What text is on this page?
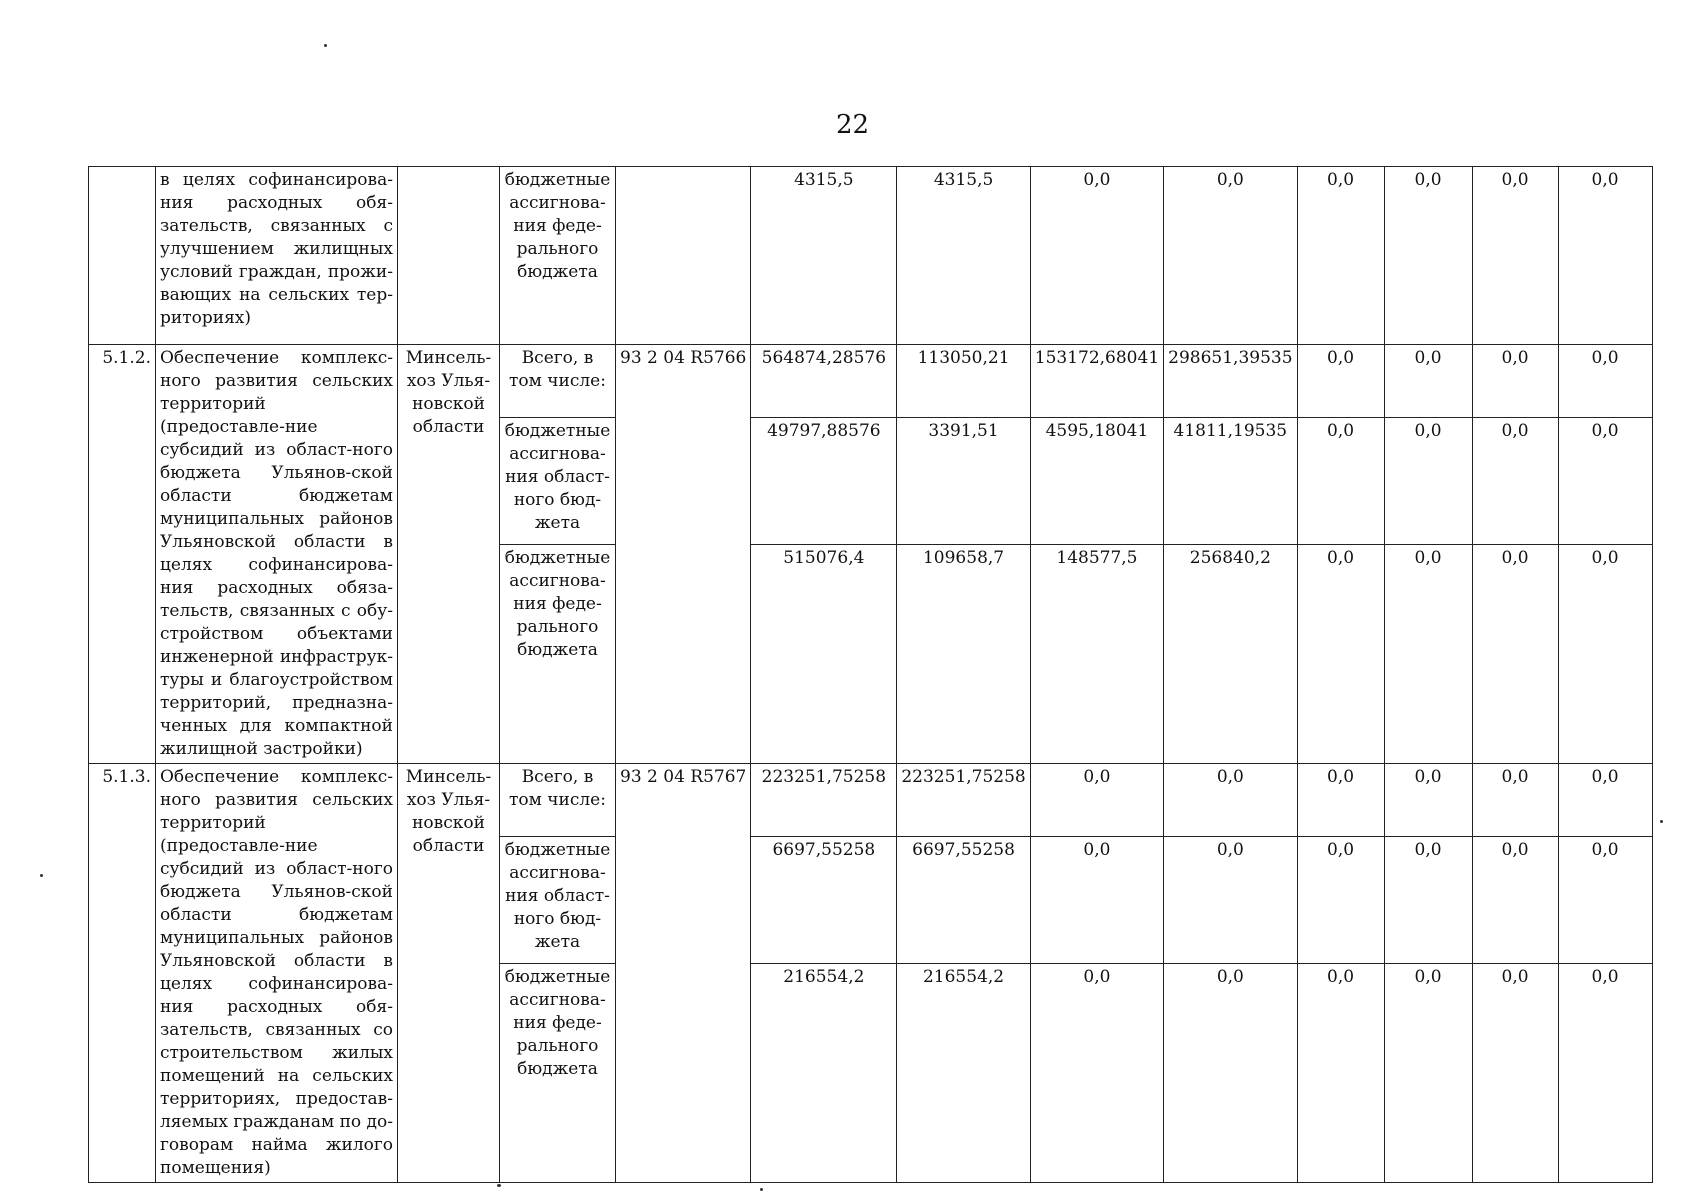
22
	в целях софинансирова-ния расходных обя-зательств, связанных с улучшением жилищных условий граждан, прожи-вающих на сельских тер-риториях)		бюджетные ассигнова-ния феде-рального бюджета		4315,5	4315,5	0,0	0,0	0,0	0,0	0,0	0,0
5.1.2.	Обеспечение комплекс-ного развития сельских территорий (предоставле-ние субсидий из област-ного бюджета Ульянов-ской области бюджетам муниципальных районов Ульяновской области в целях софинансирова-ния расходных обяза-тельств, связанных с обу-стройством объектами инженерной инфраструк-туры и благоустройством территорий, предназна-ченных для компактной жилищной застройки)	Минсель-хоз Улья-новской области	Всего, в том числе:	93 2 04 R5766	564874,28576	113050,21	153172,68041	298651,39535	0,0	0,0	0,0	0,0
			бюджетные ассигнова-ния област-ного бюд-жета		49797,88576	3391,51	4595,18041	41811,19535	0,0	0,0	0,0	0,0
			бюджетные ассигнова-ния феде-рального бюджета		515076,4	109658,7	148577,5	256840,2	0,0	0,0	0,0	0,0
5.1.3.	Обеспечение комплекс-ного развития сельских территорий (предоставле-ние субсидий из област-ного бюджета Ульянов-ской области бюджетам муниципальных районов Ульяновской области в целях софинансирова-ния расходных обя-зательств, связанных со строительством жилых помещений на сельских территориях, предостав-ляемых гражданам по до-говорам найма жилого помещения)	Минсель-хоз Улья-новской области	Всего, в том числе:	93 2 04 R5767	223251,75258	223251,75258	0,0	0,0	0,0	0,0	0,0	0,0
			бюджетные ассигнова-ния област-ного бюд-жета		6697,55258	6697,55258	0,0	0,0	0,0	0,0	0,0	0,0
			бюджетные ассигнова-ния феде-рального бюджета		216554,2	216554,2	0,0	0,0	0,0	0,0	0,0	0,0
